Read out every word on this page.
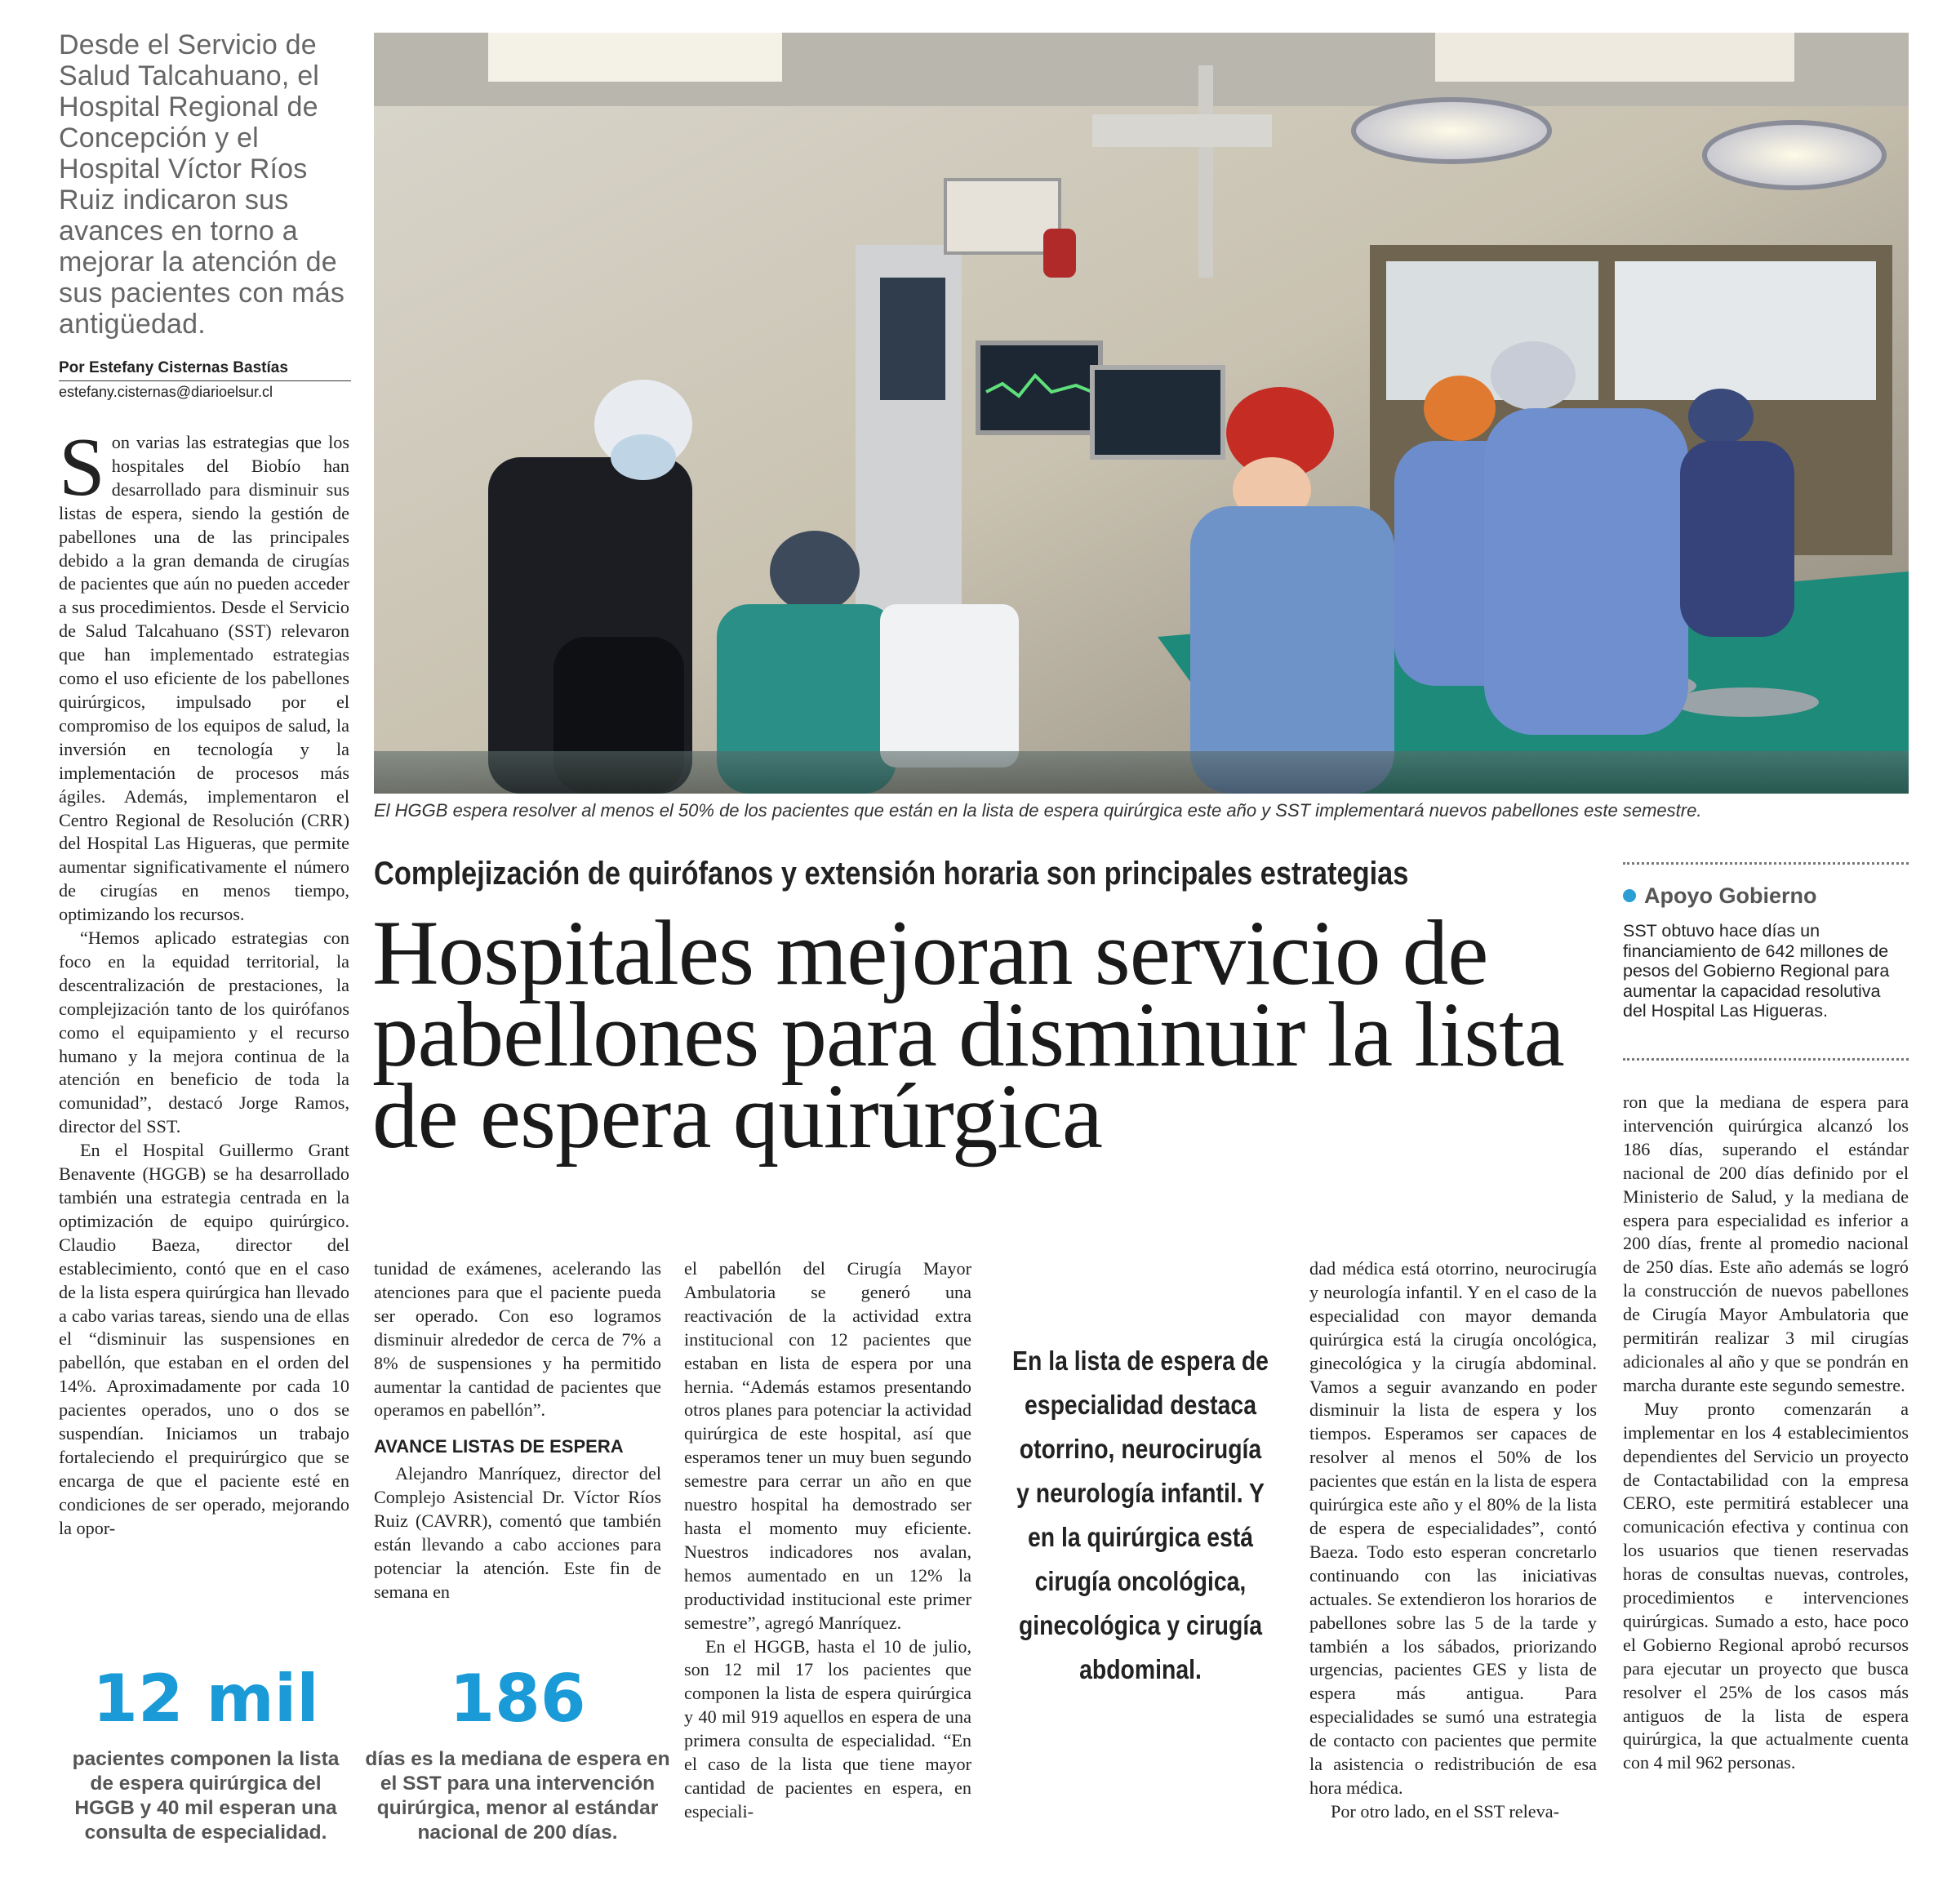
Desde el Servicio de Salud Talcahuano, el Hospital Regional de Concepción y el Hospital Víctor Ríos Ruiz indicaron sus avances en torno a mejorar la atención de sus pacientes con más antigüedad.
Por Estefany Cisternas Bastías
estefany.cisternas@diarioelsur.cl

Son varias las estrategias que los hospitales del Biobío han desarrollado para disminuir sus listas de espera, siendo la gestión de pabellones una de las principales debido a la gran demanda de cirugías de pacientes que aún no pueden acceder a sus procedimientos. Desde el Servicio de Salud Talcahuano (SST) relevaron que han implementado estrategias como el uso eficiente de los pabellones quirúrgicos, impulsado por el compromiso de los equipos de salud, la inversión en tecnología y la implementación de procesos más ágiles. Además, implementaron el Centro Regional de Resolución (CRR) del Hospital Las Higueras, que permite aumentar significativamente el número de cirugías en menos tiempo, optimizando los recursos.

“Hemos aplicado estrategias con foco en la equidad territorial, la descentralización de prestaciones, la complejización tanto de los quirófanos como el equipamiento y el recurso humano y la mejora continua de la atención en beneficio de toda la comunidad”, destacó Jorge Ramos, director del SST.

En el Hospital Guillermo Grant Benavente (HGGB) se ha desarrollado también una estrategia centrada en la optimización de equipo quirúrgico. Claudio Baeza, director del establecimiento, contó que en el caso de la lista espera quirúrgica han llevado a cabo varias tareas, siendo una de ellas el “disminuir las suspensiones en pabellón, que estaban en el orden del 14%. Aproximadamente por cada 10 pacientes operados, uno o dos se suspendían. Iniciamos un trabajo fortaleciendo el prequirúrgico que se encarga de que el paciente esté en condiciones de ser operado, mejorando la opor-

El HGGB espera resolver al menos el 50% de los pacientes que están en la lista de espera quirúrgica este año y SST implementará nuevos pabellones este semestre.
Complejización de quirófanos y extensión horaria son principales estrategias
Hospitales mejoran servicio de pabellones para disminuir la lista de espera quirúrgica
Apoyo Gobierno
SST obtuvo hace días un financiamiento de 642 millones de pesos del Gobierno Regional para aumentar la capacidad resolutiva del Hospital Las Higueras.

tunidad de exámenes, acelerando las atenciones para que el paciente pueda ser operado. Con eso logramos disminuir alrededor de cerca de 7% a 8% de suspensiones y ha permitido aumentar la cantidad de pacientes que operamos en pabellón”.

AVANCE LISTAS DE ESPERA

Alejandro Manríquez, director del Complejo Asistencial Dr. Víctor Ríos Ruiz (CAVRR), comentó que también están llevando a cabo acciones para potenciar la atención. Este fin de semana en

el pabellón del Cirugía Mayor Ambulatoria se generó una reactivación de la actividad extra institucional con 12 pacientes que estaban en lista de espera por una hernia. “Además estamos presentando otros planes para potenciar la actividad quirúrgica de este hospital, así que esperamos tener un muy buen segundo semestre para cerrar un año en que nuestro hospital ha demostrado ser hasta el momento muy eficiente. Nuestros indicadores nos avalan, hemos aumentado en un 12% la productividad institucional este primer semestre”, agregó Manríquez.

En el HGGB, hasta el 10 de julio, son 12 mil 17 los pacientes que componen la lista de espera quirúrgica y 40 mil 919 aquellos en espera de una primera consulta de especialidad. “En el caso de la lista que tiene mayor cantidad de pacientes en espera, en especiali-

En la lista de espera de especialidad destaca otorrino, neurocirugía y neurología infantil. Y en la quirúrgica está cirugía oncológica, ginecológica y cirugía abdominal.

dad médica está otorrino, neurocirugía y neurología infantil. Y en el caso de la especialidad con mayor demanda quirúrgica está la cirugía oncológica, ginecológica y la cirugía abdominal. Vamos a seguir avanzando en poder disminuir la lista de espera y los tiempos. Esperamos ser capaces de resolver al menos el 50% de los pacientes que están en la lista de espera quirúrgica este año y el 80% de la lista de espera de especialidades”, contó Baeza. Todo esto esperan concretarlo continuando con las iniciativas actuales. Se extendieron los horarios de pabellones sobre las 5 de la tarde y también a los sábados, priorizando urgencias, pacientes GES y lista de espera más antigua. Para especialidades se sumó una estrategia de contacto con pacientes que permite la asistencia o redistribución de esa hora médica.

Por otro lado, en el SST releva-

ron que la mediana de espera para intervención quirúrgica alcanzó los 186 días, superando el estándar nacional de 200 días definido por el Ministerio de Salud, y la mediana de espera para especialidad es inferior a 200 días, frente al promedio nacional de 250 días. Este año además se logró la construcción de nuevos pabellones de Cirugía Mayor Ambulatoria que permitirán realizar 3 mil cirugías adicionales al año y que se pondrán en marcha durante este segundo semestre.

Muy pronto comenzarán a implementar en los 4 establecimientos dependientes del Servicio un proyecto de Contactabilidad con la empresa CERO, este permitirá establecer una comunicación efectiva y continua con los usuarios que tienen reservadas horas de consultas nuevas, controles, procedimientos e intervenciones quirúrgicas. Sumado a esto, hace poco el Gobierno Regional aprobó recursos para ejecutar un proyecto que busca resolver el 25% de los casos más antiguos de la lista de espera quirúrgica, la que actualmente cuenta con 4 mil 962 personas.

12 mil
pacientes componen la lista de espera quirúrgica del HGGB y 40 mil esperan una consulta de especialidad.
186
días es la mediana de espera en el SST para una intervención quirúrgica, menor al estándar nacional de 200 días.
